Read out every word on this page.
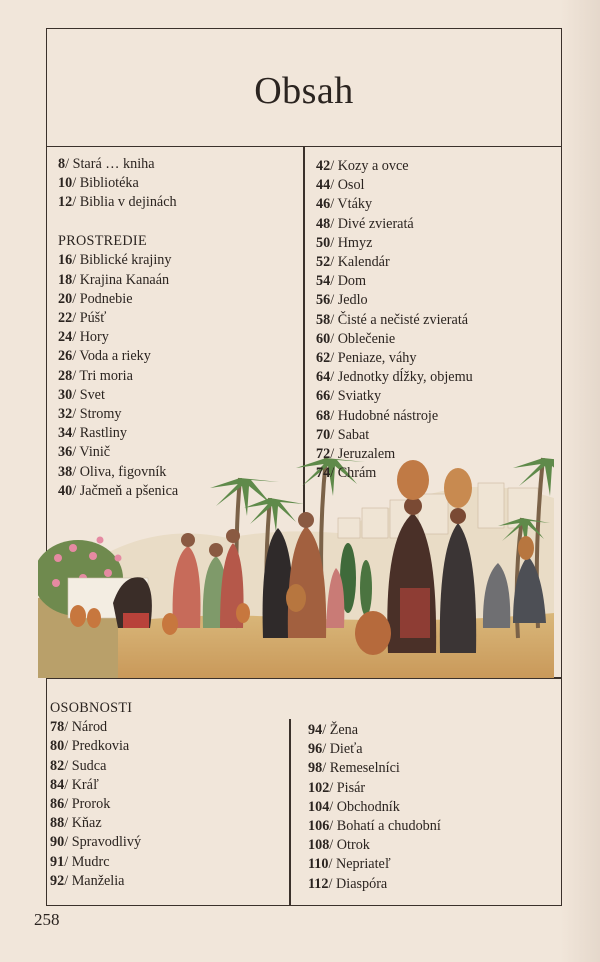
Obsah
8/ Stará … kniha
10/ Bibliotéka
12/ Biblia v dejinách
PROSTREDIE
16/ Biblické krajiny
18/ Krajina Kanaán
20/ Podnebie
22/ Púšť
24/ Hory
26/ Voda a rieky
28/ Tri moria
30/ Svet
32/ Stromy
34/ Rastliny
36/ Vinič
38/ Oliva, figovník
40/ Jačmeň a pšenica
42/ Kozy a ovce
44/ Osol
46/ Vtáky
48/ Divé zvieratá
50/ Hmyz
52/ Kalendár
54/ Dom
56/ Jedlo
58/ Čisté a nečisté zvieratá
60/ Oblečenie
62/ Peniaze, váhy
64/ Jednotky dĺžky, objemu
66/ Sviatky
68/ Hudobné nástroje
70/ Sabat
72/ Jeruzalem
74/ Chrám
OSOBNOSTI
78/ Národ
80/ Predkovia
82/ Sudca
84/ Kráľ
86/ Prorok
88/ Kňaz
90/ Spravodlivý
91/ Mudrc
92/ Manželia
94/ Žena
96/ Dieťa
98/ Remeselníci
102/ Pisár
104/ Obchodník
106/ Bohatí a chudobní
108/ Otrok
110/ Nepriateľ
112/ Diaspóra
258
